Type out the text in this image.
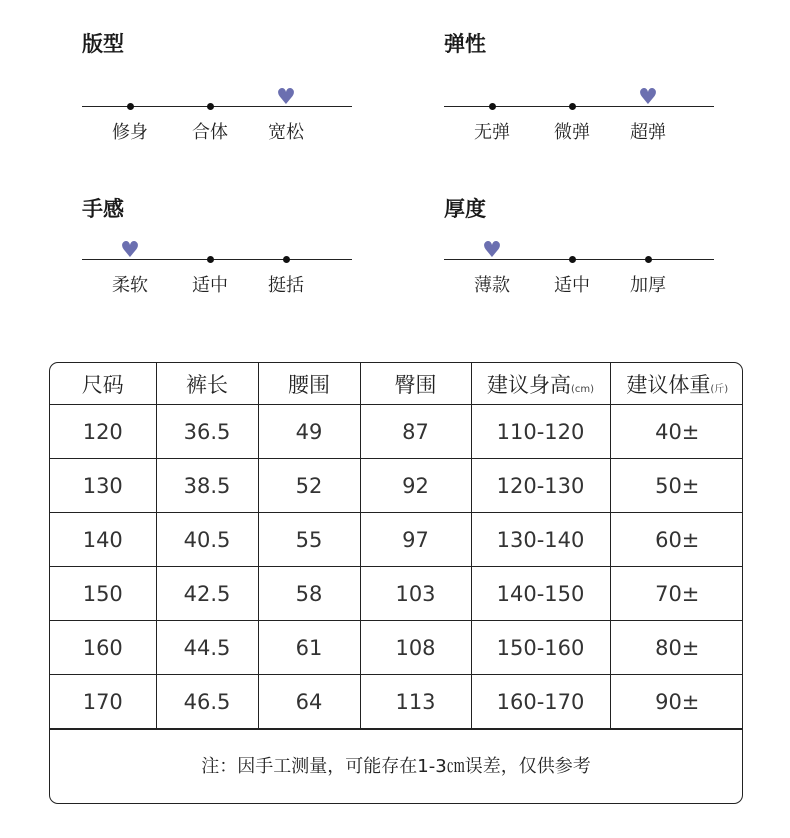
版型
修身	合体
♥
宽松
弹性
无弹	微弹
♥
超弹
手感
♥
柔软	适中	挺括
厚度
♥
薄款	适中	加厚
尺码	裤长	腰围	臀围	建议身高(cm)	建议体重(斤)
120	36.5	49	87	110-120	40±
130	38.5	52	92	120-130	50±
140	40.5	55	97	130-140	60±
150	42.5	58	103	140-150	70±
160	44.5	61	108	150-160	80±
170	46.5	64	113	160-170	90±
注：因手工测量，可能存在1-3㎝误差，仅供参考
